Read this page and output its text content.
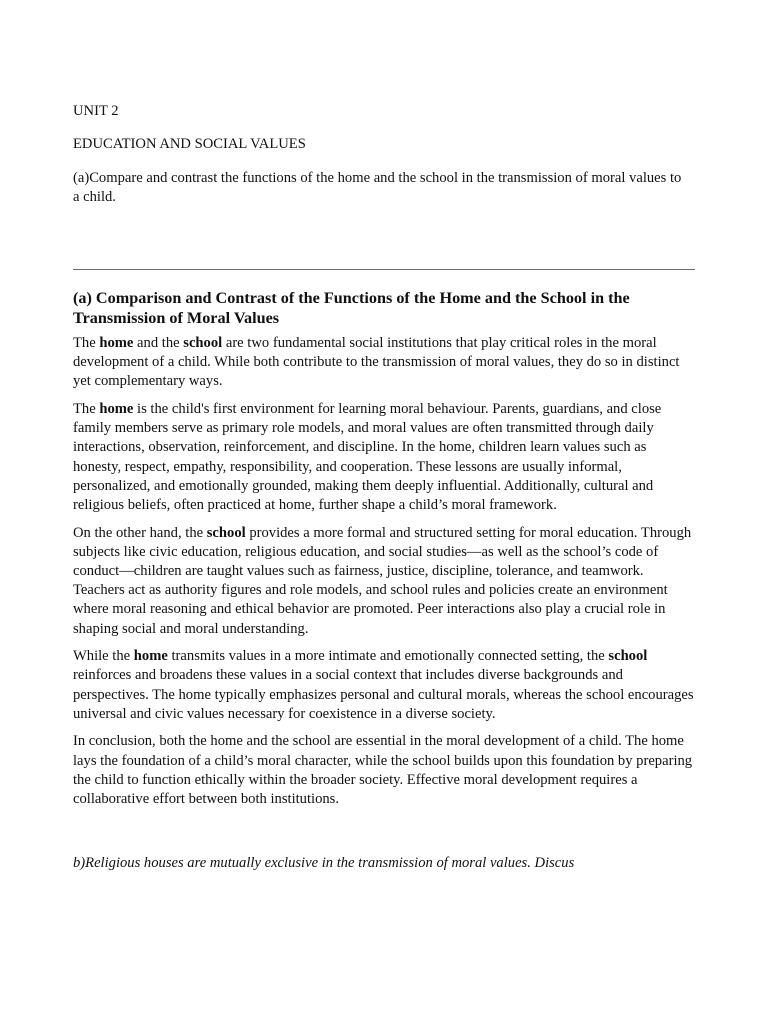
UNIT 2

EDUCATION AND SOCIAL VALUES

(a)Compare and contrast the functions of the home and the school in the transmission of moral values to a child.

(a) Comparison and Contrast of the Functions of the Home and the School in the Transmission of Moral Values

The home and the school are two fundamental social institutions that play critical roles in the moral development of a child. While both contribute to the transmission of moral values, they do so in distinct yet complementary ways.

The home is the child's first environment for learning moral behaviour. Parents, guardians, and close family members serve as primary role models, and moral values are often transmitted through daily interactions, observation, reinforcement, and discipline. In the home, children learn values such as honesty, respect, empathy, responsibility, and cooperation. These lessons are usually informal, personalized, and emotionally grounded, making them deeply influential. Additionally, cultural and religious beliefs, often practiced at home, further shape a child’s moral framework.

On the other hand, the school provides a more formal and structured setting for moral education. Through subjects like civic education, religious education, and social studies—as well as the school’s code of conduct—children are taught values such as fairness, justice, discipline, tolerance, and teamwork. Teachers act as authority figures and role models, and school rules and policies create an environment where moral reasoning and ethical behavior are promoted. Peer interactions also play a crucial role in shaping social and moral understanding.

While the home transmits values in a more intimate and emotionally connected setting, the school reinforces and broadens these values in a social context that includes diverse backgrounds and perspectives. The home typically emphasizes personal and cultural morals, whereas the school encourages universal and civic values necessary for coexistence in a diverse society.

In conclusion, both the home and the school are essential in the moral development of a child. The home lays the foundation of a child’s moral character, while the school builds upon this foundation by preparing the child to function ethically within the broader society. Effective moral development requires a collaborative effort between both institutions.

b)Religious houses are mutually exclusive in the transmission of moral values. Discus
